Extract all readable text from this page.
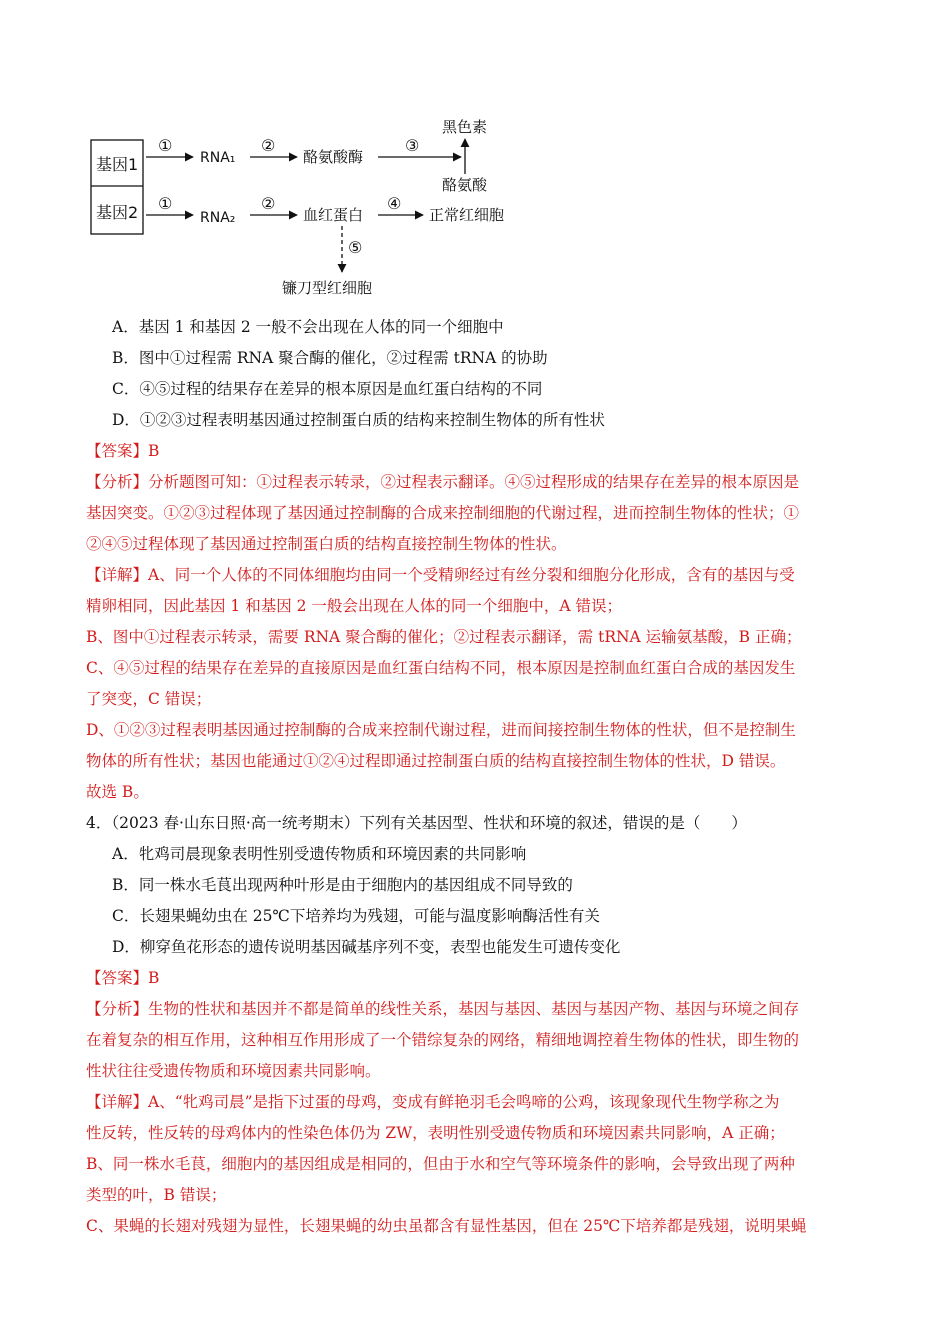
基因1
基因2
①
RNA₁
②
酪氨酸酶
③
黑色素
酪氨酸
①
RNA₂
②
血红蛋白
④
正常红细胞
⑤
镰刀型红细胞
A．基因 1 和基因 2 一般不会出现在人体的同一个细胞中
B．图中①过程需 RNA 聚合酶的催化，②过程需 tRNA 的协助
C．④⑤过程的结果存在差异的根本原因是血红蛋白结构的不同
D．①②③过程表明基因通过控制蛋白质的结构来控制生物体的所有性状
【答案】B
【分析】分析题图可知：①过程表示转录，②过程表示翻译。④⑤过程形成的结果存在差异的根本原因是
基因突变。①②③过程体现了基因通过控制酶的合成来控制细胞的代谢过程，进而控制生物体的性状；①
②④⑤过程体现了基因通过控制蛋白质的结构直接控制生物体的性状。
【详解】A、同一个人体的不同体细胞均由同一个受精卵经过有丝分裂和细胞分化形成，含有的基因与受
精卵相同，因此基因 1 和基因 2 一般会出现在人体的同一个细胞中，A 错误；
B、图中①过程表示转录，需要 RNA 聚合酶的催化；②过程表示翻译，需 tRNA 运输氨基酸，B 正确；
C、④⑤过程的结果存在差异的直接原因是血红蛋白结构不同，根本原因是控制血红蛋白合成的基因发生
了突变，C 错误；
D、①②③过程表明基因通过控制酶的合成来控制代谢过程，进而间接控制生物体的性状，但不是控制生
物体的所有性状；基因也能通过①②④过程即通过控制蛋白质的结构直接控制生物体的性状，D 错误。
故选 B。
4．（2023 春·山东日照·高一统考期末）下列有关基因型、性状和环境的叙述，错误的是（　　）
A．牝鸡司晨现象表明性别受遗传物质和环境因素的共同影响
B．同一株水毛茛出现两种叶形是由于细胞内的基因组成不同导致的
C．长翅果蝇幼虫在 25℃下培养均为残翅，可能与温度影响酶活性有关
D．柳穿鱼花形态的遗传说明基因碱基序列不变，表型也能发生可遗传变化
【答案】B
【分析】生物的性状和基因并不都是简单的线性关系，基因与基因、基因与基因产物、基因与环境之间存
在着复杂的相互作用，这种相互作用形成了一个错综复杂的网络，精细地调控着生物体的性状，即生物的
性状往往受遗传物质和环境因素共同影响。
【详解】A、“牝鸡司晨”是指下过蛋的母鸡，变成有鲜艳羽毛会鸣啼的公鸡，该现象现代生物学称之为
性反转，性反转的母鸡体内的性染色体仍为 ZW，表明性别受遗传物质和环境因素共同影响，A 正确；
B、同一株水毛茛，细胞内的基因组成是相同的，但由于水和空气等环境条件的影响，会导致出现了两种
类型的叶，B 错误；
C、果蝇的长翅对残翅为显性，长翅果蝇的幼虫虽都含有显性基因，但在 25℃下培养都是残翅，说明果蝇
